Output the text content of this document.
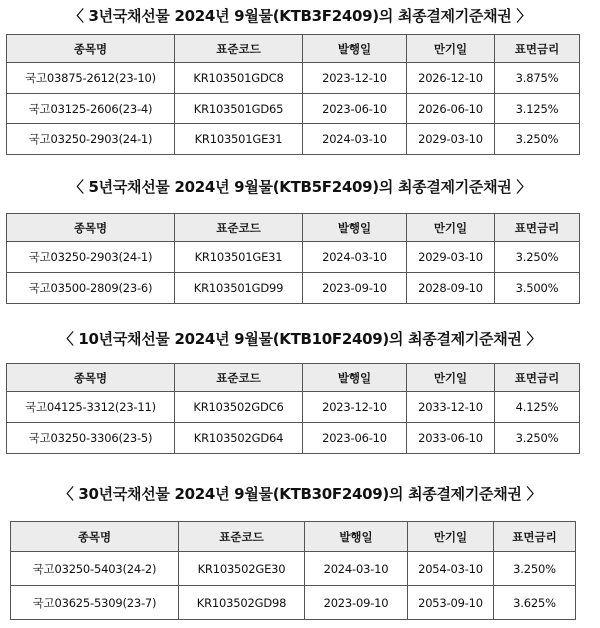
〈 3년국채선물 2024년 9월물(KTB3F2409)의 최종결제기준채권 〉
종목명	표준코드	발행일	만기일	표면금리
국고03875-2612(23-10)	KR103501GDC8	2023-12-10	2026-12-10	3.875%
국고03125-2606(23-4)	KR103501GD65	2023-06-10	2026-06-10	3.125%
국고03250-2903(24-1)	KR103501GE31	2024-03-10	2029-03-10	3.250%
〈 5년국채선물 2024년 9월물(KTB5F2409)의 최종결제기준채권 〉
종목명	표준코드	발행일	만기일	표면금리
국고03250-2903(24-1)	KR103501GE31	2024-03-10	2029-03-10	3.250%
국고03500-2809(23-6)	KR103501GD99	2023-09-10	2028-09-10	3.500%
〈 10년국채선물 2024년 9월물(KTB10F2409)의 최종결제기준채권 〉
종목명	표준코드	발행일	만기일	표면금리
국고04125-3312(23-11)	KR103502GDC6	2023-12-10	2033-12-10	4.125%
국고03250-3306(23-5)	KR103502GD64	2023-06-10	2033-06-10	3.250%
〈 30년국채선물 2024년 9월물(KTB30F2409)의 최종결제기준채권 〉
종목명	표준코드	발행일	만기일	표면금리
국고03250-5403(24-2)	KR103502GE30	2024-03-10	2054-03-10	3.250%
국고03625-5309(23-7)	KR103502GD98	2023-09-10	2053-09-10	3.625%
